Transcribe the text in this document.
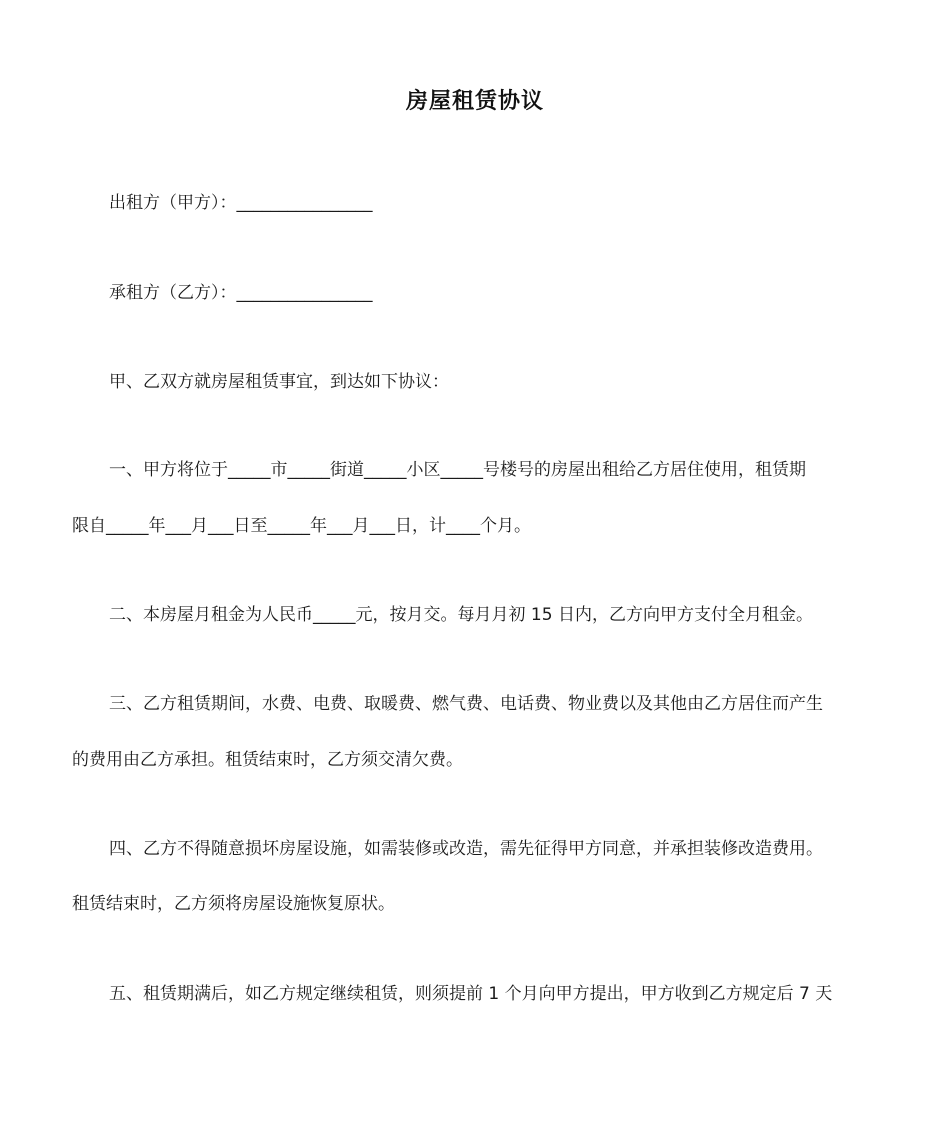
房屋租赁协议
出租方（甲方）：________________
承租方（乙方）：________________
甲、乙双方就房屋租赁事宜，到达如下协议：
一、甲方将位于_____市_____街道_____小区_____号楼号的房屋出租给乙方居住使用，租赁期
限自_____年___月___日至_____年___月___日，计____个月。
二、本房屋月租金为人民币_____元，按月交。每月月初 15 日内，乙方向甲方支付全月租金。
三、乙方租赁期间，水费、电费、取暖费、燃气费、电话费、物业费以及其他由乙方居住而产生
的费用由乙方承担。租赁结束时，乙方须交清欠费。
四、乙方不得随意损坏房屋设施，如需装修或改造，需先征得甲方同意，并承担装修改造费用。
租赁结束时，乙方须将房屋设施恢复原状。
五、租赁期满后，如乙方规定继续租赁，则须提前 1 个月向甲方提出，甲方收到乙方规定后 7 天
